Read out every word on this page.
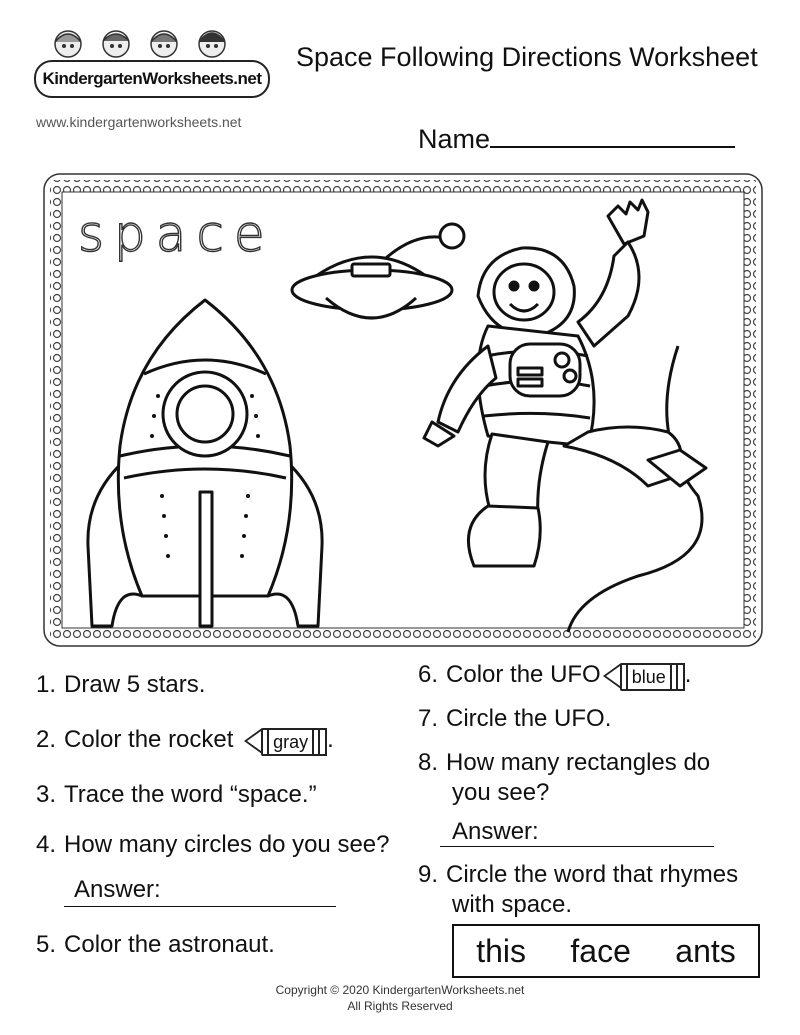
KindergartenWorksheets.net
www.kindergartenworksheets.net
Space Following Directions Worksheet
Name
space
1. Draw 5 stars.
2. Color the rocket gray .
3. Trace the word “space.”
4. How many circles do you see?
Answer:
5. Color the astronaut.
6. Color the UFO blue .
7. Circle the UFO.
8. How many rectangles do
you see?
Answer:
9. Circle the word that rhymes
with space.
this face ants
Copyright © 2020 KindergartenWorksheets.net
All Rights Reserved
